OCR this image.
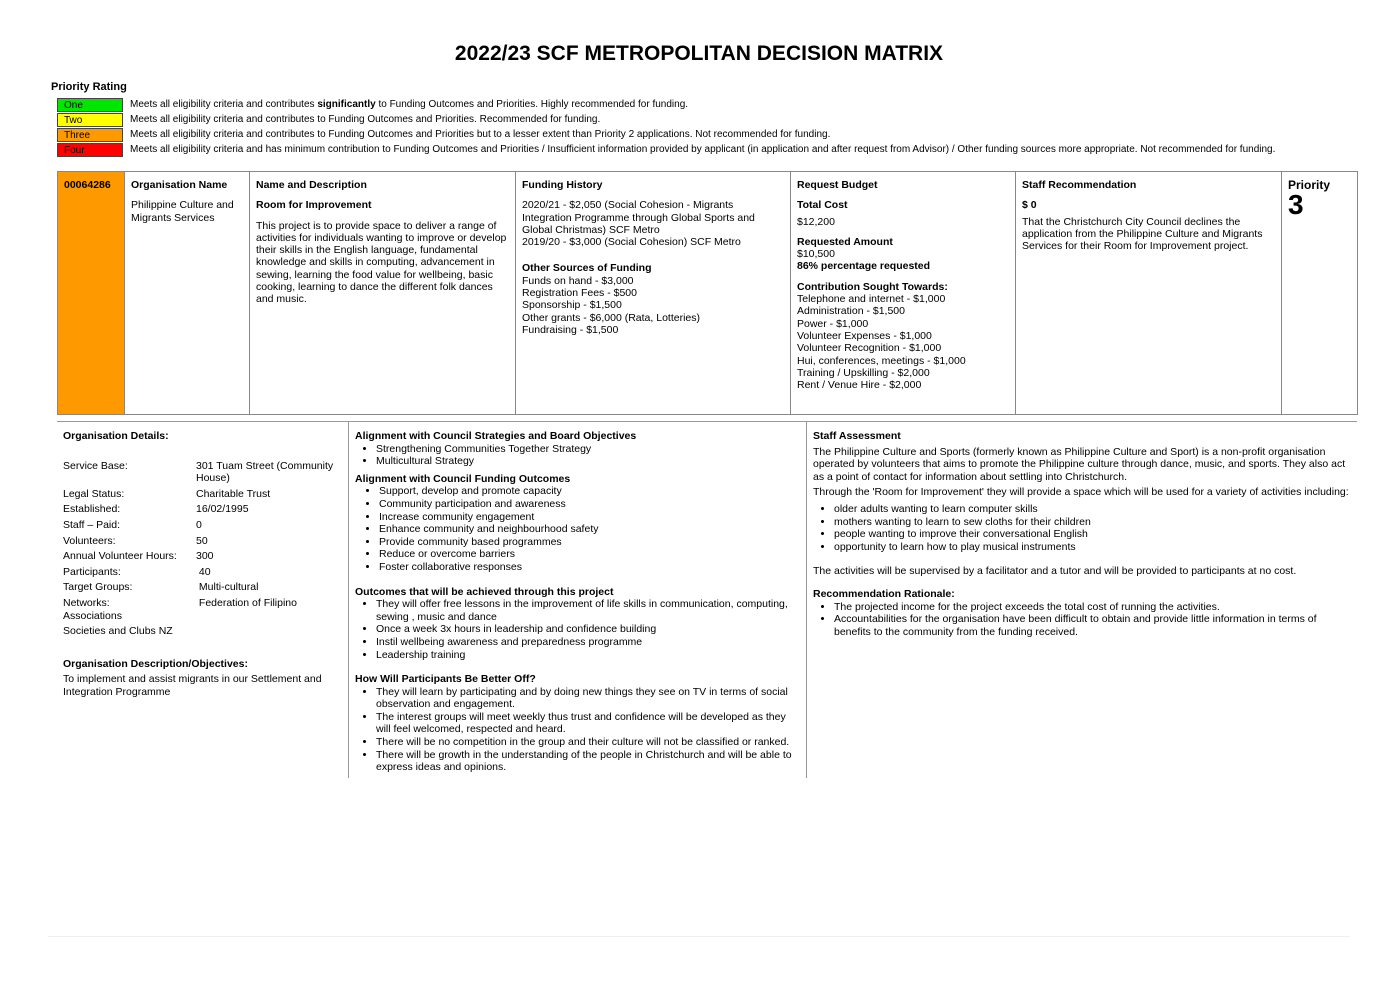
2022/23 SCF METROPOLITAN DECISION MATRIX
Priority Rating
One	Meets all eligibility criteria and contributes significantly to Funding Outcomes and Priorities. Highly recommended for funding.
Two	Meets all eligibility criteria and contributes to Funding Outcomes and Priorities. Recommended for funding.
Three	Meets all eligibility criteria and contributes to Funding Outcomes and Priorities but to a lesser extent than Priority 2 applications. Not recommended for funding.
Four	Meets all eligibility criteria and has minimum contribution to Funding Outcomes and Priorities / Insufficient information provided by applicant (in application and after request from Advisor) / Other funding sources more appropriate. Not recommended for funding.
00064286	Organisation Name
Philippine Culture and Migrants Services

Name and Description
Room for Improvement
This project is to provide space to deliver a range of activities for individuals wanting to improve or develop their skills in the English language, fundamental knowledge and skills in computing, advancement in sewing, learning the food value for wellbeing, basic cooking, learning to dance the different folk dances and music.

Funding History
2020/21 - $2,050 (Social Cohesion - Migrants Integration Programme through Global Sports and Global Christmas) SCF Metro
2019/20 - $3,000 (Social Cohesion) SCF Metro
Other Sources of Funding
Funds on hand - $3,000
Registration Fees - $500
Sponsorship - $1,500
Other grants - $6,000 (Rata, Lotteries)
Fundraising - $1,500

Request Budget
Total Cost
$12,200
Requested Amount
$10,500
86% percentage requested
Contribution Sought Towards:
Telephone and internet - $1,000
Administration - $1,500
Power - $1,000
Volunteer Expenses - $1,000
Volunteer Recognition - $1,000
Hui, conferences, meetings - $1,000
Training / Upskilling - $2,000
Rent / Venue Hire - $2,000

Staff Recommendation
$ 0
That the Christchurch City Council declines the application from the Philippine Culture and Migrants Services for their Room for Improvement project.

Priority
3
Organisation Details:
Service Base:	301 Tuam Street (Community House)
Legal Status:	Charitable Trust
Established:	16/02/1995
Staff – Paid:	0
Volunteers:	50
Annual Volunteer Hours:	300
Participants:	40
Target Groups:	Multi-cultural
Networks:	Federation of Filipino
Associations
Societies and Clubs NZ
Organisation Description/Objectives:
To implement and assist migrants in our Settlement and Integration Programme
Alignment with Council Strategies and Board Objectives
• Strengthening Communities Together Strategy
• Multicultural Strategy
Alignment with Council Funding Outcomes
• Support, develop and promote capacity
• Community participation and awareness
• Increase community engagement
• Enhance community and neighbourhood safety
• Provide community based programmes
• Reduce or overcome barriers
• Foster collaborative responses
Outcomes that will be achieved through this project
• They will offer free lessons in the improvement of life skills in communication, computing, sewing , music and dance
• Once a week 3x hours in leadership and confidence building
• Instil wellbeing awareness and preparedness programme
• Leadership training
How Will Participants Be Better Off?
• They will learn by participating and by doing new things they see on TV in terms of social observation and engagement.
• The interest groups will meet weekly thus trust and confidence will be developed as they will feel welcomed, respected and heard.
• There will be no competition in the group and their culture will not be classified or ranked.
• There will be growth in the understanding of the people in Christchurch and will be able to express ideas and opinions.
Staff Assessment
The Philippine Culture and Sports (formerly known as Philippine Culture and Sport) is a non-profit organisation operated by volunteers that aims to promote the Philippine culture through dance, music, and sports. They also act as a point of contact for information about settling into Christchurch.
Through the 'Room for Improvement' they will provide a space which will be used for a variety of activities including:
• older adults wanting to learn computer skills
• mothers wanting to learn to sew cloths for their children
• people wanting to improve their conversational English
• opportunity to learn how to play musical instruments
The activities will be supervised by a facilitator and a tutor and will be provided to participants at no cost.
Recommendation Rationale:
• The projected income for the project exceeds the total cost of running the activities.
• Accountabilities for the organisation have been difficult to obtain and provide little information in terms of benefits to the community from the funding received.
